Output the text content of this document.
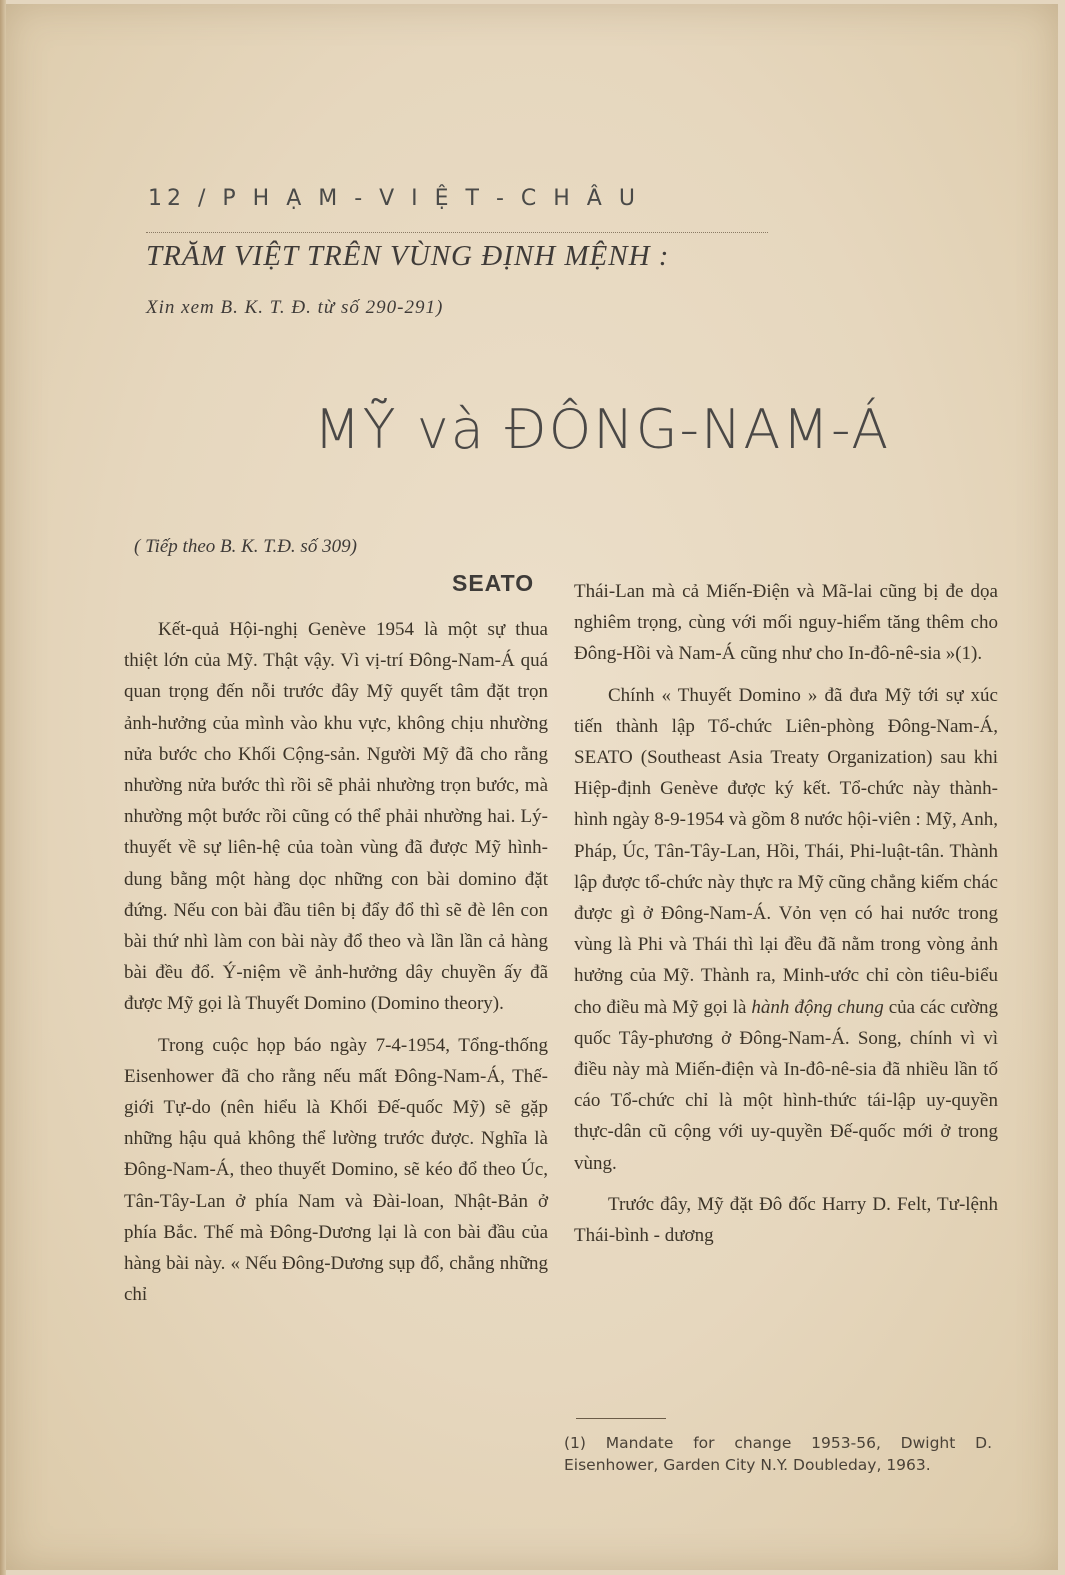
12 / P H Ạ M - V I Ệ T - C H Â U
TRĂM VIỆT TRÊN VÙNG ĐỊNH MỆNH :
Xin xem B. K. T. Đ. từ số 290-291)
MỸ và ĐÔNG-NAM-Á
( Tiếp theo B. K. T.Đ. số 309)
SEATO

Kết-quả Hội-nghị Genève 1954 là một sự thua thiệt lớn của Mỹ. Thật vậy. Vì vị-trí Đông-Nam-Á quá quan trọng đến nỗi trước đây Mỹ quyết tâm đặt trọn ảnh-hưởng của mình vào khu vực, không chịu nhường nửa bước cho Khối Cộng-sản. Người Mỹ đã cho rằng nhường nửa bước thì rồi sẽ phải nhường trọn bước, mà nhường một bước rồi cũng có thể phải nhường hai. Lý-thuyết về sự liên-hệ của toàn vùng đã được Mỹ hình-dung bằng một hàng dọc những con bài domino đặt đứng. Nếu con bài đầu tiên bị đẩy đổ thì sẽ đè lên con bài thứ nhì làm con bài này đổ theo và lần lần cả hàng bài đều đổ. Ý-niệm về ảnh-hưởng dây chuyền ấy đã được Mỹ gọi là Thuyết Domino (Domino theory).

Trong cuộc họp báo ngày 7-4-1954, Tổng-thống Eisenhower đã cho rằng nếu mất Đông-Nam-Á, Thế-giới Tự-do (nên hiểu là Khối Đế-quốc Mỹ) sẽ gặp những hậu quả không thể lường trước được. Nghĩa là Đông-Nam-Á, theo thuyết Domino, sẽ kéo đổ theo Úc, Tân-Tây-Lan ở phía Nam và Đài-loan, Nhật-Bản ở phía Bắc. Thế mà Đông-Dương lại là con bài đầu của hàng bài này. « Nếu Đông-Dương sụp đổ, chẳng những chỉ

Thái-Lan mà cả Miến-Điện và Mã-lai cũng bị đe dọa nghiêm trọng, cùng với mối nguy-hiểm tăng thêm cho Đông-Hồi và Nam-Á cũng như cho In-đô-nê-sia »(1).

Chính « Thuyết Domino » đã đưa Mỹ tới sự xúc tiến thành lập Tổ-chức Liên-phòng Đông-Nam-Á, SEATO (Southeast Asia Treaty Organization) sau khi Hiệp-định Genève được ký kết. Tổ-chức này thành-hình ngày 8-9-1954 và gồm 8 nước hội-viên : Mỹ, Anh, Pháp, Úc, Tân-Tây-Lan, Hồi, Thái, Phi-luật-tân. Thành lập được tổ-chức này thực ra Mỹ cũng chẳng kiếm chác được gì ở Đông-Nam-Á. Vỏn vẹn có hai nước trong vùng là Phi và Thái thì lại đều đã nằm trong vòng ảnh hưởng của Mỹ. Thành ra, Minh-ước chỉ còn tiêu-biểu cho điều mà Mỹ gọi là hành động chung của các cường quốc Tây-phương ở Đông-Nam-Á. Song, chính vì vì điều này mà Miến-điện và In-đô-nê-sia đã nhiều lần tố cáo Tổ-chức chỉ là một hình-thức tái-lập uy-quyền thực-dân cũ cộng với uy-quyền Đế-quốc mới ở trong vùng.

Trước đây, Mỹ đặt Đô đốc Harry D. Felt, Tư-lệnh Thái-bình - dương

(1) Mandate for change 1953-56, Dwight D. Eisenhower, Garden City N.Y. Doubleday, 1963.
